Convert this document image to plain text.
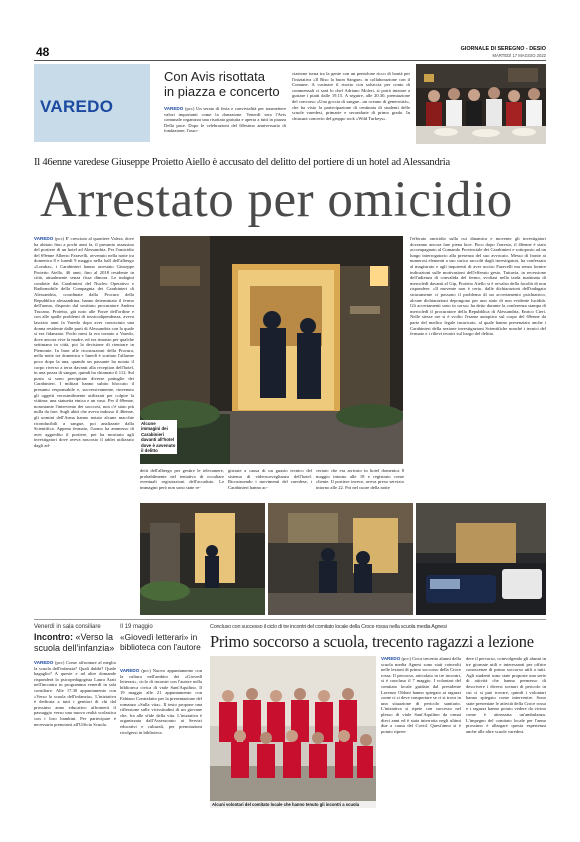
48	GIORNALE DI SEREGNO - DESIO
MARTEDÌ 17 MAGGIO 2022
VAREDO
Con Avis risottata
in piazza e concerto
VAREDO (pcc) Un serata di festa e convivialità per trasmettere valori importanti come la donazione. Venerdì sera l'Avis comunale organizza una risottata gratuita e aperta a tutti in piazza Della pace. Dopo le celebrazioni del 60esimo anniversario di fondazione, l'asso-
ciazione torna tra la gente con un pentolone ricco di bontà per l'iniziativa «Il Riso la buon Sangue» in collaborazione con il Comune. A cucinare il risotto con salsiccia per conto di commensali ci sarà lo chef Adriano Moleri, si potrà iniziare a gustare i piatti dalle 19.15. A seguire, alle 20.30, premiazione del concorso «Una goccia di sangue...un oceano di generosità», che ha visto la partecipazione di centinaia di studenti delle scuole varedesi, primarie e secondarie di primo grado. In chiusura concerto del gruppo rock «Wild Turkeys».
Il 46enne varedese Giuseppe Proietto Aiello è accusato del delitto del portiere di un hotel ad Alessandria
Arrestato per omicidio
VAREDO (pcc) E' cresciuto al quartiere Valera, dove ha abitato fino a pochi anni fa, il presunto assassino del portiere di un hotel ad Alessandria. Per l'omicidio del 69enne Alberto Faravelli, avvenuto nella notte tra domenica 8 e lunedì 9 maggio nella hall dell'albergo «Londra», i Carabinieri hanno arrestato Giuseppe Proietto Aiello, 46 anni, fino al 2018 residente in città, attualmente senza fissa dimora. Le indagini condotte dai Carabinieri del Nucleo Operativo e Radiomobile della Compagnia dei Carabinieri di Alessandria, coordinate dalla Procura della Repubblica alessandrina, hanno determinato il fermo dell'uomo, disposto dal sostituto procuratore Andrea Trucano. Proietto, già noto alle Forze dell'ordine e con alle spalle problemi di tossicodipendenza, aveva lasciato anni fa Varedo dopo aver conosciuto una donna residente dalle parti di Alessandria con la quale si era fidanzato. Pochi mesi fa era tornato a Varedo, dove ancora vive la madre, ed era rimasto per qualche settimana in città, poi la decisione di rientrare in Piemonte. In base alle ricostruzioni della Procura, nella notte tra domenica e lunedì è scattato l'allarme poco dopo la una, quando un passante ha notato il corpo riverso a terra davanti alla reception dell'hotel, in una pozza di sangue, quindi ha chiamato il 112. Sul posto si sono precipitate diverse pattuglie dei Carabinieri. I militari hanno subito bloccato il presunto responsabile e, successivamente, rinvenuto gli oggetti verosimilmente utilizzati per colpire la vittima: una statuetta etnica e un vaso. Per il 69enne, nonostante l'intervento dei soccorsi, non c'è stato più nulla da fare. Sugli abiti che aveva indosso il 46enne, gli uomini dell'Arma hanno notato alcune macchie riconducibili a sangue, poi analizzate dalla Scientifica. Appena fermato, l'uomo ha ammesso di aver aggredito il portiere, poi ha mostrato agli investigatori dove aveva nascosto il tablet utilizzato dagli ad-
Alcune immagini dei Carabinieri davanti all'hotel dove è avvenuto il delitto
l'efferato omicidio sulla cui dinamica e movente gli investigatori dovranno ancora fare piena luce. Poco dopo l'arresto, il 46enne è stato accompagnato al Comando Provinciale dei Carabinieri e sottoposto ad un lungo interrogatorio alla presenza del suo avvocato. Messo di fronte ai numerosi elementi a suo carico raccolti dagli investigatori, ha confessato al magistrato e agli inquirenti di aver ucciso Faravelli ma senza fornire indicazioni sulle motivazioni dell'efferato gesto. Tuttavia, in recessione dell'udienza di convalida del fermo, svoltasi nella tarda mattinata di mercoledì davanti al Gip, Proietto Aiello si è avvalso della facoltà di non rispondere. «Il movente non è certo, dalle dichiarazioni dell'indagato sicuramente ci possono il problema di un accertamento psichiatrico, alcune dichiarazioni depongono per uno stato di non evidente lucidità. Gli accertamenti sono in corso» ha detto durante la conferenza stampa di mercoledì il procuratore della Repubblica di Alessandria, Enrico Cieri. Nelle stesse ore si è svolto l'esame autoptico sul corpo del 69enne da parte del medico legale incaricato, al quale hanno presenziato anche i Carabinieri della sezione investigazioni Scientifiche nonché i tecnici del fermato e i rilievi tecnici sul luogo del delitto.
detti dell'albergo per gestire le telecamere, probabilmente nel tentativo di occultare eventuali registrazioni dell'accaduto. Le immagini però non sono state re-
gistrate a causa di un guasto tecnico del sistema di videosorveglianza dell'hotel. Ricostruendo i movimenti del varedese, i Carabinieri hanno ac-
certato che era arrivato in hotel domenica 8 maggio intorno alle 18 e registrato come cliente. Il portiere invece, aveva preso servizio intorno alle 22. Poi nel cuore della notte
Venerdì in sala consiliare
Incontro: «Verso la scuola dell'infanzia»
VAREDO (pcc) Come affrontare al meglio la scuola dell'infanzia? Quali dubbi? Quale bagaglio? A queste e ad altre domande risponderà la psicopedagogista Laura Arati nell'incontro in programma venerdì in sala consiliare. Alle 17.30 appuntamento con «Verso la scuola dell'infanzia». L'iniziativa è dedicata a tutti i genitori di chi dal prossimo anno educativo affronterà il passaggio verso una nuova realtà scolastica con i loro bambini. Per partecipare è necessaria prenotarsi all'Ufficio Scuola.
Il 19 maggio
«Giovedì letterari» in biblioteca con l'autore
VAREDO (pcc) Nuovo appuntamento con la cultura nell'ambito dei «Giovedì letterari», ciclo di incontri con l'autore nella biblioteca civica di viale Sant'Aquilino. Il 19 maggio alle 21 appuntamento con Fabiano Contrafatto per la presentazione del romanzo «Sulla vita». Il testo propone una riflessione sulle vicissitudini di un giovane che, fra alle sfide della vita. L'iniziativa è organizzata dall'Assessorato ai Servizi educativi e culturali, per prenotazioni rivolgersi in biblioteca.
Concluso con successo il ciclo di tre incontri del comitato locale della Croce rossa nella scuola media Agnesi
Primo soccorso a scuola, trecento ragazzi a lezione
Alcuni volontari del comitato locale che hanno tenuto gli incontri a scuola
VAREDO (pcc) Circa trecento alunni della scuola media Agnesi sono stati coinvolti nelle lezioni di primo soccorso della Croce rossa. Il percorso, articolato in tre incontri, si è concluso il 7 maggio. I volontari del comitato locale guidato dal presidente Lorenzo Oldoni hanno spiegato ai ragazzi come ci si deve comportare se ci si trova in una situazione di pericolo sanitario. L'iniziativa si ripete con successo nel plesso di viale Sant'Aquilino da ormai dieci anni ed è stata interrotta negli ultimi due a causa del Covid. Quest'anno si è potuto ripren-
dere il percorso, coinvolgendo gli alunni in tre giornate utili e interessanti per offrire conoscenze di primo soccorso utili a tutti. Agli studenti sono state proposte una serie di attività che hanno permesso di descrivere i diversi scenari di pericolo in cui ci si può trovare, quindi i volontari hanno spiegato come intervenire. Sono state presentate le attività della Croce rossa e i ragazzi hanno potuto vedere da vicino come è attrezzata un'ambulanza. L'impegno del comitato locale per l'anno prossimo è allargare questa esperienza anche alle altre scuole varedesi.
